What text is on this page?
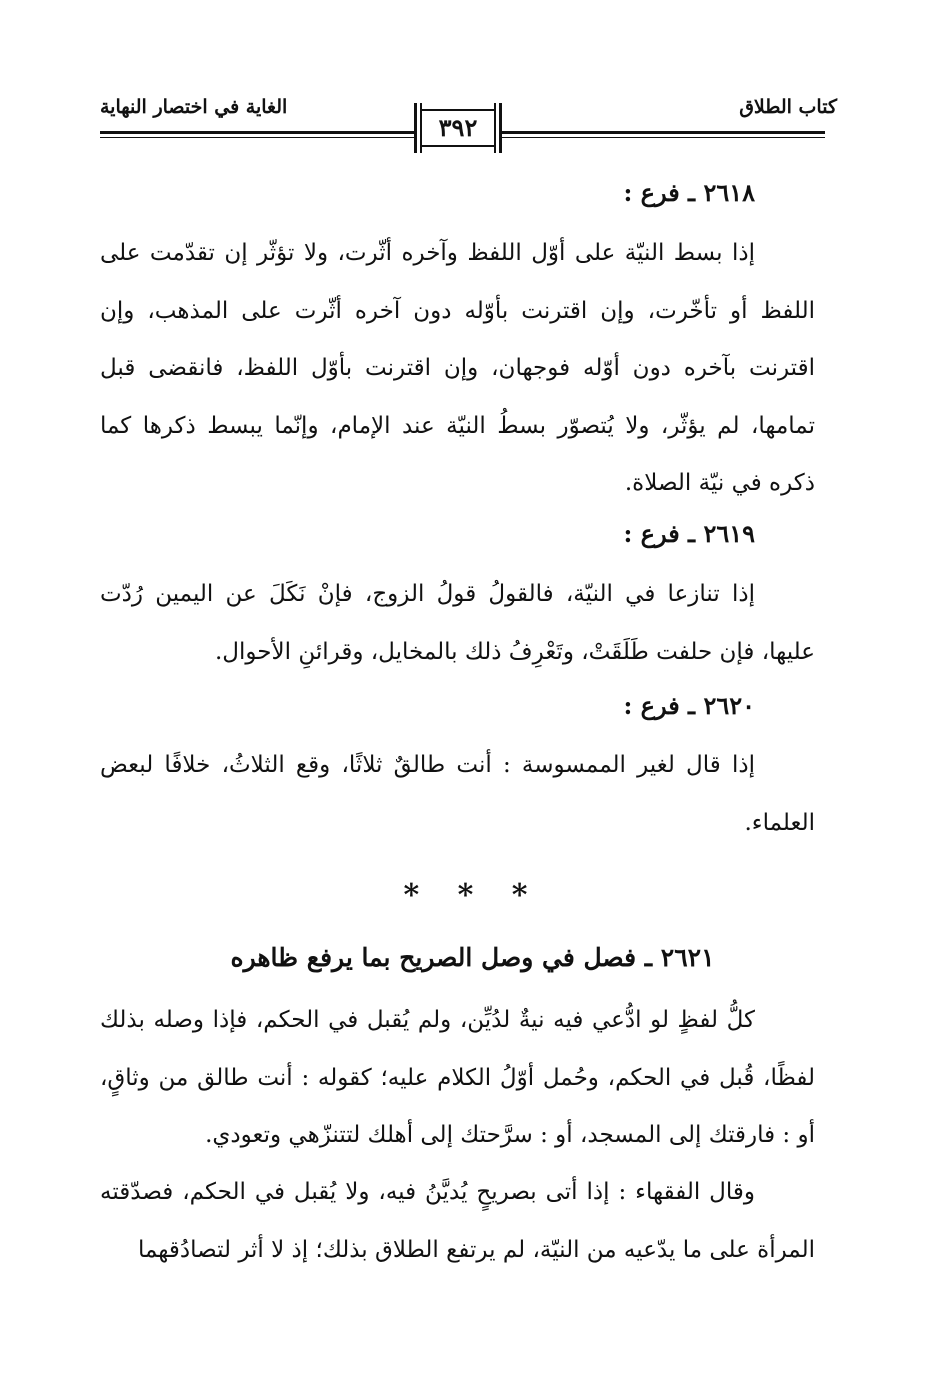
كتاب الطلاق
الغاية في اختصار النهاية
٣٩٢
٢٦١٨ ـ فرع :
إذا بسط النيّة على أوّل اللفظ وآخره أثّرت، ولا تؤثّر إن تقدّمت على اللفظ أو تأخّرت، وإن اقترنت بأوّله دون آخره أثّرت على المذهب، وإن اقترنت بآخره دون أوّله فوجهان، وإن اقترنت بأوّل اللفظ، فانقضى قبل تمامها، لم يؤثّر، ولا يُتصوّر بسطُ النيّة عند الإمام، وإنّما يبسط ذكرها كما ذكره في نيّة الصلاة.
٢٦١٩ ـ فرع :
إذا تنازعا في النيّة، فالقولُ قولُ الزوج، فإنْ نَكَلَ عن اليمين رُدّت عليها، فإن حلفت طَلَقَتْ، وتَعْرِفُ ذلك بالمخايل، وقرائنِ الأحوال.
٢٦٢٠ ـ فرع :
إذا قال لغير الممسوسة : أنت طالقٌ ثلاثًا، وقع الثلاثُ، خلافًا لبعض العلماء.
* * *
٢٦٢١ ـ فصل في وصل الصريح بما يرفع ظاهره
كلُّ لفظٍ لو ادُّعي فيه نيةٌ لدُيِّن، ولم يُقبل في الحكم، فإذا وصله بذلك لفظًا، قُبل في الحكم، وحُمل أوّلُ الكلام عليه؛ كقوله : أنت طالق من وثاقٍ، أو : فارقتك إلى المسجد، أو : سرَّحتك إلى أهلك لتتنزّهي وتعودي.
وقال الفقهاء : إذا أتى بصريحٍ يُديَّنُ فيه، ولا يُقبل في الحكم، فصدّقته المرأة على ما يدّعيه من النيّة، لم يرتفع الطلاق بذلك؛ إذ لا أثر لتصادُقهما
